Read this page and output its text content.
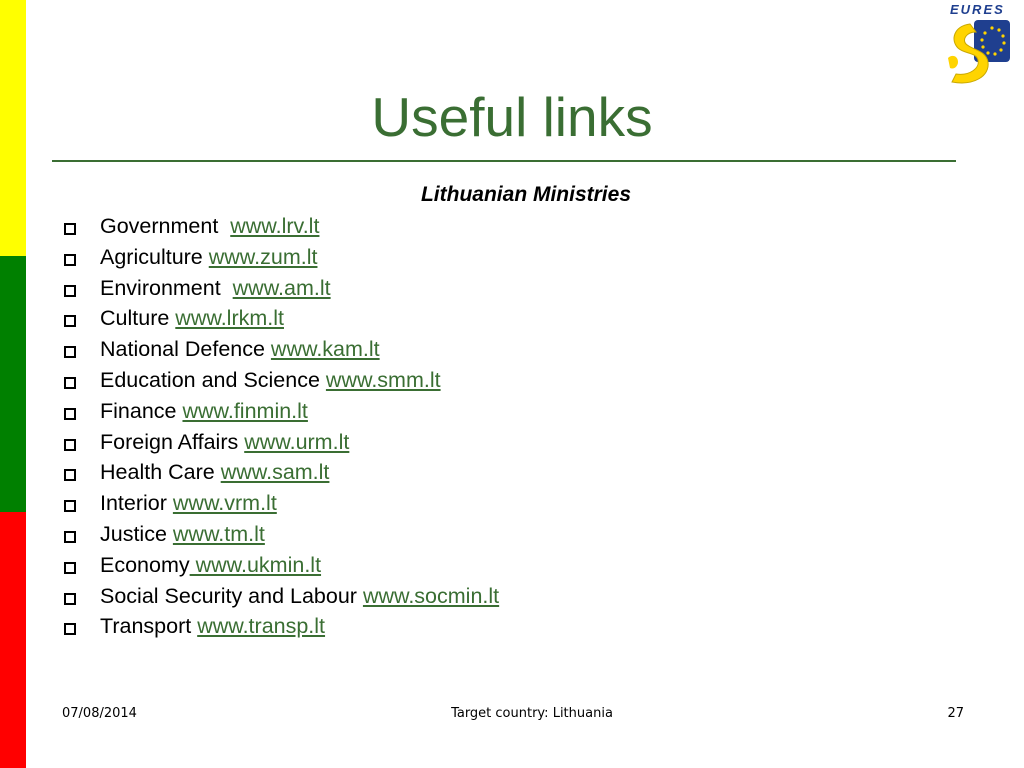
EURES
Useful links
Lithuanian Ministries
Government  www.lrv.lt
Agriculture www.zum.lt
Environment  www.am.lt
Culture www.lrkm.lt
National Defence www.kam.lt
Education and Science www.smm.lt
Finance www.finmin.lt
Foreign Affairs www.urm.lt
Health Care www.sam.lt
Interior www.vrm.lt
Justice www.tm.lt
Economy www.ukmin.lt
Social Security and Labour www.socmin.lt
Transport www.transp.lt
07/08/2014	Target country: Lithuania	27
